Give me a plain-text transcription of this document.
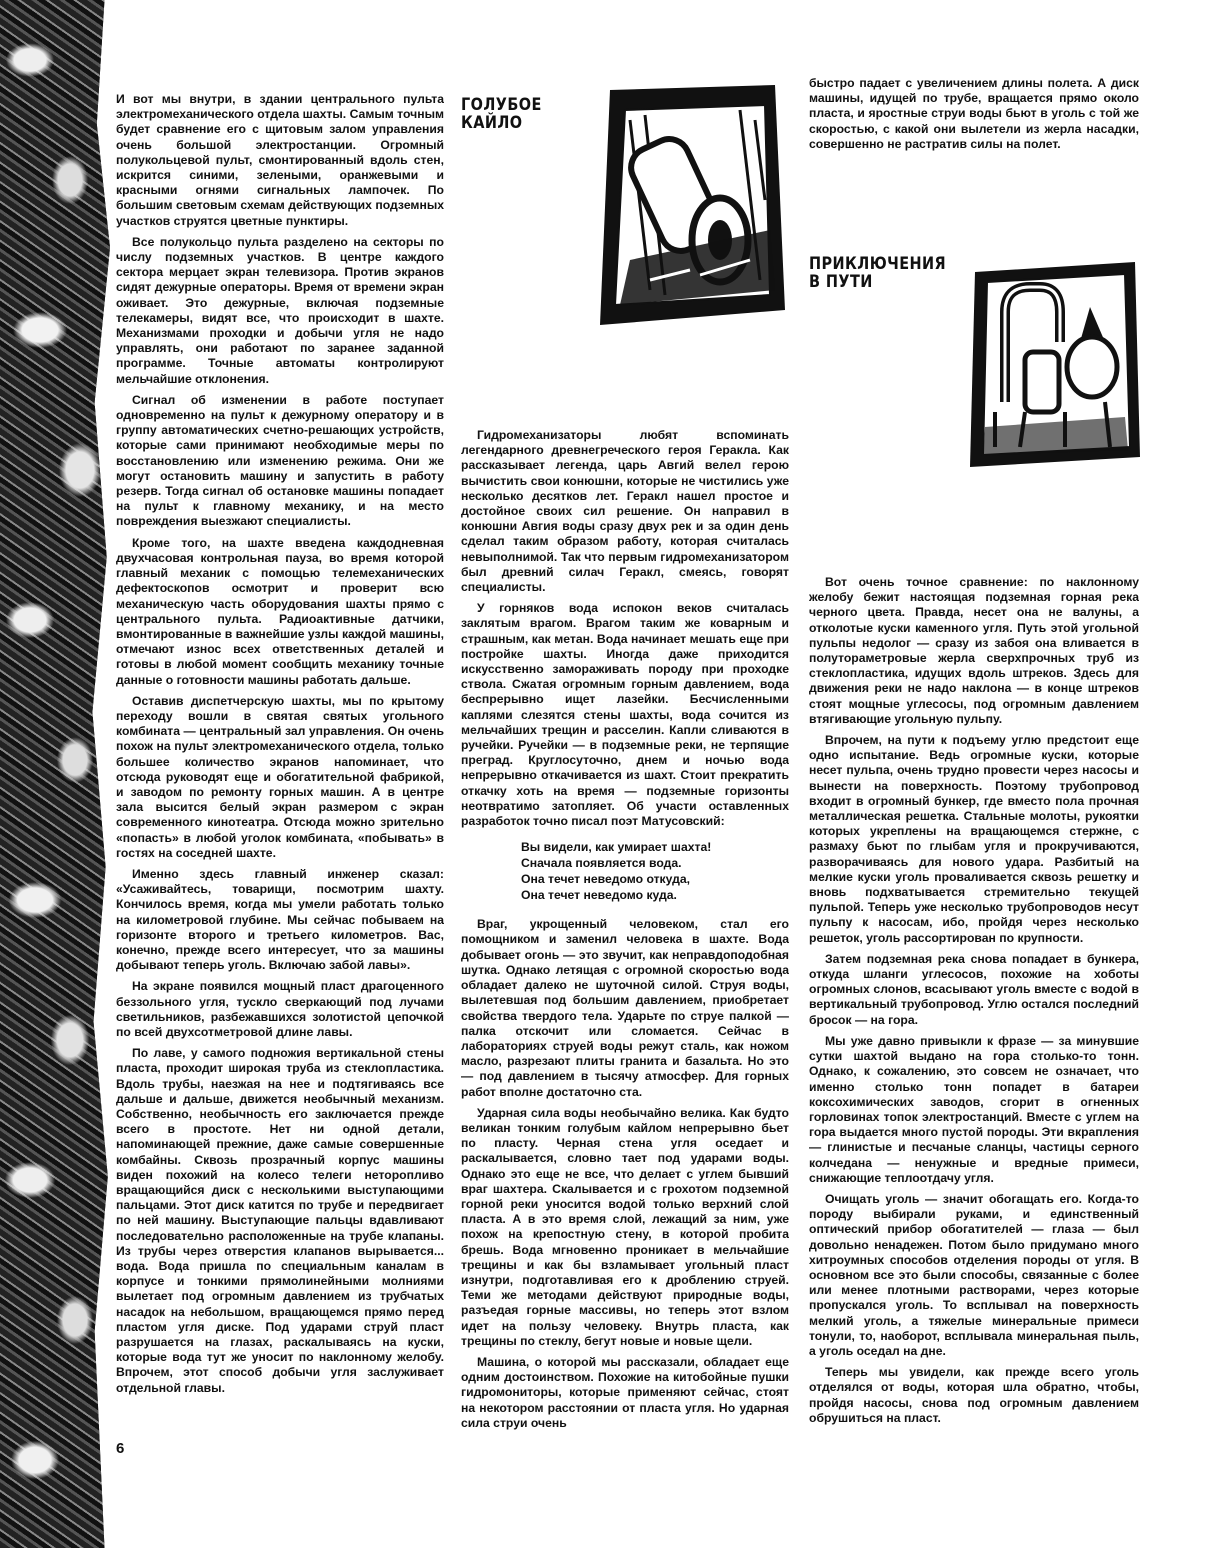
ГОЛУБОЕ
КАЙЛО
ПРИКЛЮЧЕНИЯ
В ПУТИ

И вот мы внутри, в здании центрального пульта электромеханического отдела шахты. Самым точным будет сравнение его с щитовым залом управления очень большой электростанции. Огромный полукольцевой пульт, смонтированный вдоль стен, искрится синими, зелеными, оранжевыми и красными огнями сигнальных лампочек. По большим световым схемам действующих подземных участков струятся цветные пунктиры.

Все полукольцо пульта разделено на секторы по числу подземных участков. В центре каждого сектора мерцает экран телевизора. Против экранов сидят дежурные операторы. Время от времени экран оживает. Это дежурные, включая подземные телекамеры, видят все, что происходит в шахте. Механизмами проходки и добычи угля не надо управлять, они работают по заранее заданной программе. Точные автоматы контролируют мельчайшие отклонения.

Сигнал об изменении в работе поступает одновременно на пульт к дежурному оператору и в группу автоматических счетно-решающих устройств, которые сами принимают необходимые меры по восстановлению или изменению режима. Они же могут остановить машину и запустить в работу резерв. Тогда сигнал об остановке машины попадает на пульт к главному механику, и на место повреждения выезжают специалисты.

Кроме того, на шахте введена каждодневная двухчасовая контрольная пауза, во время которой главный механик с помощью телемеханических дефектоскопов осмотрит и проверит всю механическую часть оборудования шахты прямо с центрального пульта. Радиоактивные датчики, вмонтированные в важнейшие узлы каждой машины, отмечают износ всех ответственных деталей и готовы в любой момент сообщить механику точные данные о готовности машины работать дальше.

Оставив диспетчерскую шахты, мы по крытому переходу вошли в святая святых угольного комбината — центральный зал управления. Он очень похож на пульт электромеханического отдела, только большее количество экранов напоминает, что отсюда руководят еще и обогатительной фабрикой, и заводом по ремонту горных машин. А в центре зала высится белый экран размером с экран современного кинотеатра. Отсюда можно зрительно «попасть» в любой уголок комбината, «побывать» в гостях на соседней шахте.

Именно здесь главный инженер сказал: «Усаживайтесь, товарищи, посмотрим шахту. Кончилось время, когда мы умели работать только на километровой глубине. Мы сейчас побываем на горизонте второго и третьего километров. Вас, конечно, прежде всего интересует, что за машины добывают теперь уголь. Включаю забой лавы».

На экране появился мощный пласт драгоценного беззольного угля, тускло сверкающий под лучами светильников, разбежавшихся золотистой цепочкой по всей двухсотметровой длине лавы.

По лаве, у самого подножия вертикальной стены пласта, проходит широкая труба из стеклопластика. Вдоль трубы, наезжая на нее и подтягиваясь все дальше и дальше, движется необычный механизм. Собственно, необычность его заключается прежде всего в простоте. Нет ни одной детали, напоминающей прежние, даже самые совершенные комбайны. Сквозь прозрачный корпус машины виден похожий на колесо телеги неторопливо вращающийся диск с несколькими выступающими пальцами. Этот диск катится по трубе и передвигает по ней машину. Выступающие пальцы вдавливают последовательно расположенные на трубе клапаны. Из трубы через отверстия клапанов вырывается... вода. Вода пришла по специальным каналам в корпусе и тонкими прямолинейными молниями вылетает под огромным давлением из трубчатых насадок на небольшом, вращающемся прямо перед пластом угля диске. Под ударами струй пласт разрушается на глазах, раскалываясь на куски, которые вода тут же уносит по наклонному желобу. Впрочем, этот способ добычи угля заслуживает отдельной главы.

Гидромеханизаторы любят вспоминать легендарного древнегреческого героя Геракла. Как рассказывает легенда, царь Авгий велел герою вычистить свои конюшни, которые не чистились уже несколько десятков лет. Геракл нашел простое и достойное своих сил решение. Он направил в конюшни Авгия воды сразу двух рек и за один день сделал таким образом работу, которая считалась невыполнимой. Так что первым гидромеханизатором был древний силач Геракл, смеясь, говорят специалисты.

У горняков вода испокон веков считалась заклятым врагом. Врагом таким же коварным и страшным, как метан. Вода начинает мешать еще при постройке шахты. Иногда даже приходится искусственно замораживать породу при проходке ствола. Сжатая огромным горным давлением, вода беспрерывно ищет лазейки. Бесчисленными каплями слезятся стены шахты, вода сочится из мельчайших трещин и расселин. Капли сливаются в ручейки. Ручейки — в подземные реки, не терпящие преград. Круглосуточно, днем и ночью вода непрерывно откачивается из шахт. Стоит прекратить откачку хоть на время — подземные горизонты неотвратимо затопляет. Об участи оставленных разработок точно писал поэт Матусовский:

Вы видели, как умирает шахта!
Сначала появляется вода.
Она течет неведомо откуда,
Она течет неведомо куда.

Враг, укрощенный человеком, стал его помощником и заменил человека в шахте. Вода добывает огонь — это звучит, как неправдоподобная шутка. Однако летящая с огромной скоростью вода обладает далеко не шуточной силой. Струя воды, вылетевшая под большим давлением, приобретает свойства твердого тела. Ударьте по струе палкой — палка отскочит или сломается. Сейчас в лабораториях струей воды режут сталь, как ножом масло, разрезают плиты гранита и базальта. Но это — под давлением в тысячу атмосфер. Для горных работ вполне достаточно ста.

Ударная сила воды необычайно велика. Как будто великан тонким голубым кайлом непрерывно бьет по пласту. Черная стена угля оседает и раскалывается, словно тает под ударами воды. Однако это еще не все, что делает с углем бывший враг шахтера. Скалывается и с грохотом подземной горной реки уносится водой только верхний слой пласта. А в это время слой, лежащий за ним, уже похож на крепостную стену, в которой пробита брешь. Вода мгновенно проникает в мельчайшие трещины и как бы взламывает угольный пласт изнутри, подготавливая его к дроблению струей. Теми же методами действуют природные воды, разъедая горные массивы, но теперь этот взлом идет на пользу человеку. Внутрь пласта, как трещины по стеклу, бегут новые и новые щели.

Машина, о которой мы рассказали, обладает еще одним достоинством. Похожие на китобойные пушки гидромониторы, которые применяют сейчас, стоят на некотором расстоянии от пласта угля. Но ударная сила струи очень

быстро падает с увеличением длины полета. А диск машины, идущей по трубе, вращается прямо около пласта, и яростные струи воды бьют в уголь с той же скоростью, с какой они вылетели из жерла насадки, совершенно не растратив силы на полет.

Вот очень точное сравнение: по наклонному желобу бежит настоящая подземная горная река черного цвета. Правда, несет она не валуны, а отколотые куски каменного угля. Путь этой угольной пульпы недолог — сразу из забоя она вливается в полутораметровые жерла сверхпрочных труб из стеклопластика, идущих вдоль штреков. Здесь для движения реки не надо наклона — в конце штреков стоят мощные углесосы, под огромным давлением втягивающие угольную пульпу.

Впрочем, на пути к подъему углю предстоит еще одно испытание. Ведь огромные куски, которые несет пульпа, очень трудно провести через насосы и вынести на поверхность. Поэтому трубопровод входит в огромный бункер, где вместо пола прочная металлическая решетка. Стальные молоты, рукоятки которых укреплены на вращающемся стержне, с размаху бьют по глыбам угля и прокручиваются, разворачиваясь для нового удара. Разбитый на мелкие куски уголь проваливается сквозь решетку и вновь подхватывается стремительно текущей пульпой. Теперь уже несколько трубопроводов несут пульпу к насосам, ибо, пройдя через несколько решеток, уголь рассортирован по крупности.

Затем подземная река снова попадает в бункера, откуда шланги углесосов, похожие на хоботы огромных слонов, всасывают уголь вместе с водой в вертикальный трубопровод. Углю остался последний бросок — на гора.

Мы уже давно привыкли к фразе — за минувшие сутки шахтой выдано на гора столько-то тонн. Однако, к сожалению, это совсем не означает, что именно столько тонн попадет в батареи коксохимических заводов, сгорит в огненных горловинах топок электростанций. Вместе с углем на гора выдается много пустой породы. Эти вкрапления — глинистые и песчаные сланцы, частицы серного колчедана — ненужные и вредные примеси, снижающие теплоотдачу угля.

Очищать уголь — значит обогащать его. Когда-то породу выбирали руками, и единственный оптический прибор обогатителей — глаза — был довольно ненадежен. Потом было придумано много хитроумных способов отделения породы от угля. В основном все это были способы, связанные с более или менее плотными растворами, через которые пропускался уголь. То всплывал на поверхность мелкий уголь, а тяжелые минеральные примеси тонули, то, наоборот, всплывала минеральная пыль, а уголь оседал на дне.

Теперь мы увидели, как прежде всего уголь отделялся от воды, которая шла обратно, чтобы, пройдя насосы, снова под огромным давлением обрушиться на пласт.

6
